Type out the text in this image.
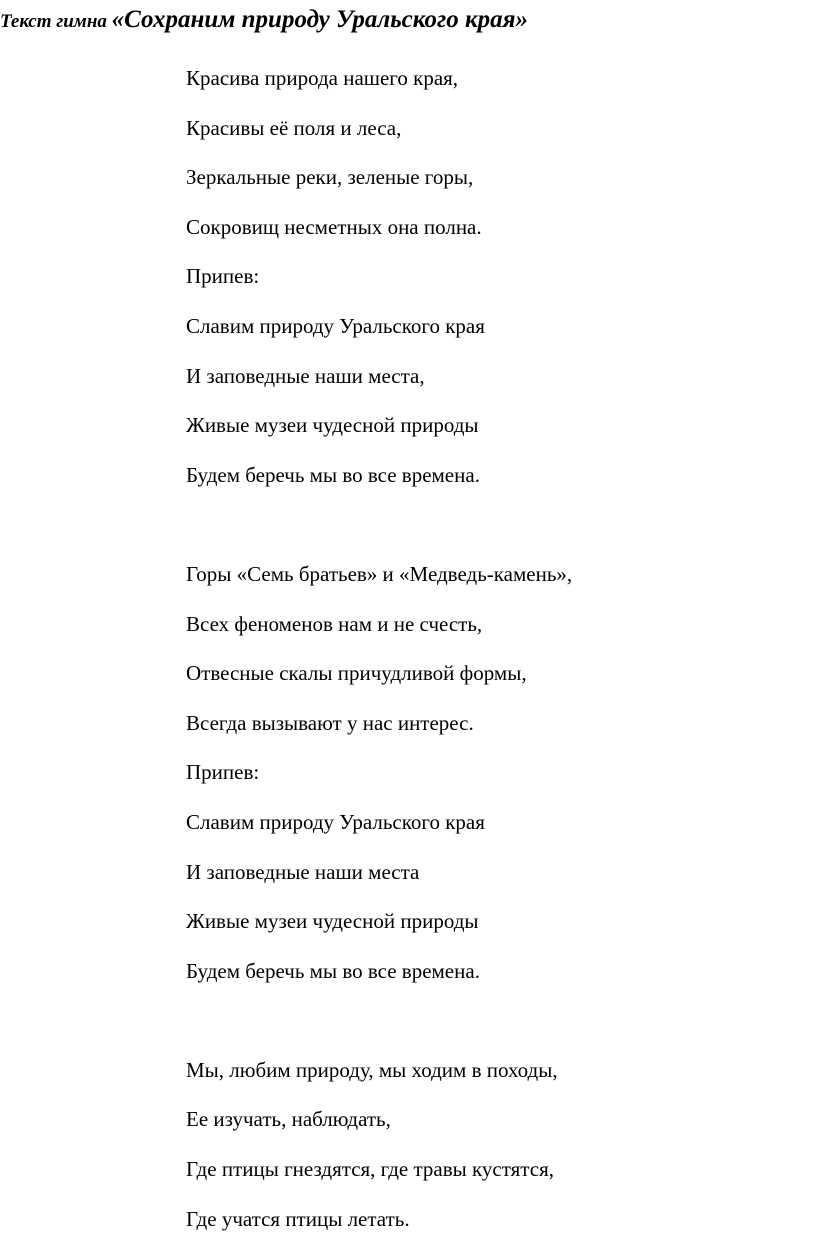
Текст гимна «Сохраним природу Уральского края»
Красива природа нашего края,
Красивы её поля и леса,
Зеркальные реки, зеленые горы,
Сокровищ несметных она полна.
Припев:
Славим природу Уральского края
И заповедные наши места,
Живые музеи чудесной природы
Будем беречь мы во все времена.
Горы «Семь братьев» и «Медведь-камень»,
Всех феноменов нам и не счесть,
Отвесные скалы причудливой формы,
Всегда вызывают у нас интерес.
Припев:
Славим природу Уральского края
И заповедные наши места
Живые музеи чудесной природы
Будем беречь мы во все времена.
Мы, любим природу, мы ходим в походы,
Ее изучать, наблюдать,
Где птицы гнездятся, где травы кустятся,
Где учатся птицы летать.
